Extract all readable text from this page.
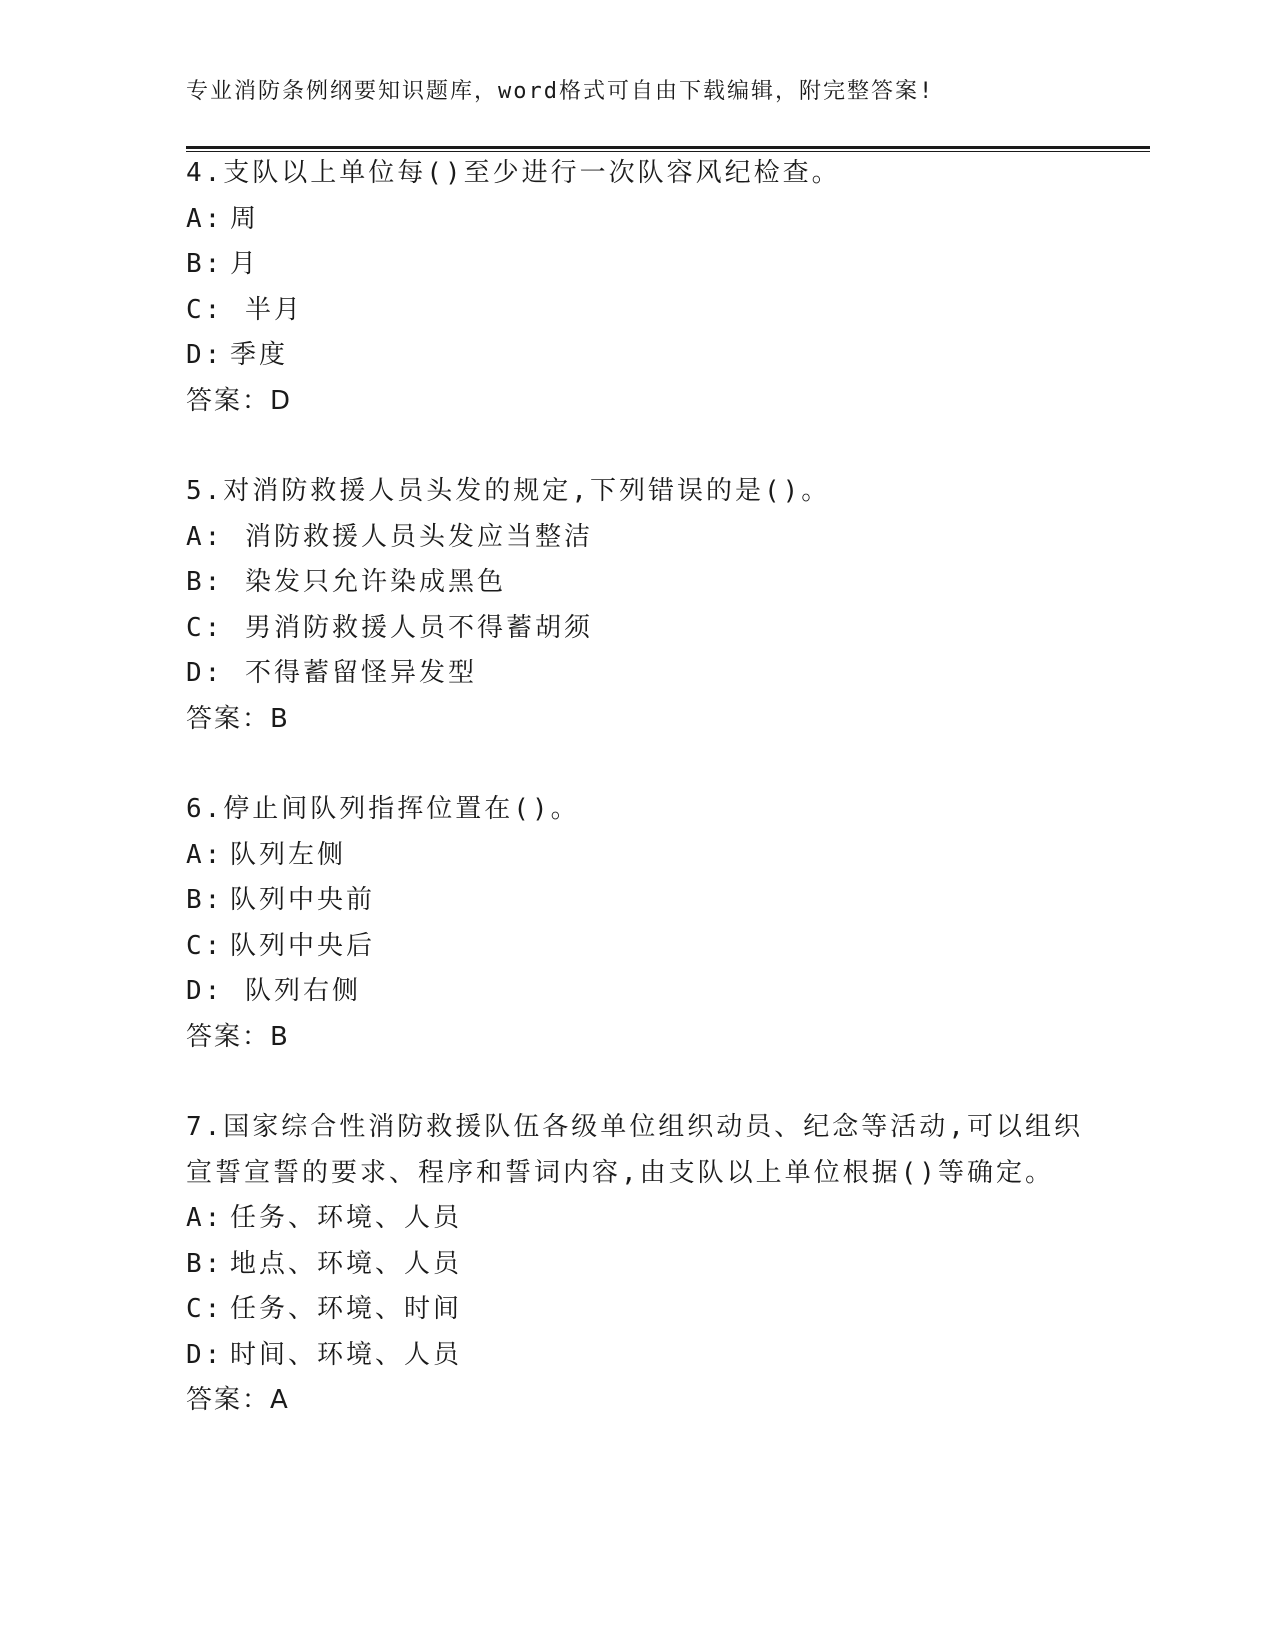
专业消防条例纲要知识题库，word格式可自由下载编辑，附完整答案!
4.支队以上单位每()至少进行一次队容风纪检查。
A: 周
B: 月
C: 半月
D: 季度
答案：D
5.对消防救援人员头发的规定,下列错误的是()。
A: 消防救援人员头发应当整洁
B: 染发只允许染成黑色
C: 男消防救援人员不得蓄胡须
D: 不得蓄留怪异发型
答案：B
6.停止间队列指挥位置在()。
A: 队列左侧
B: 队列中央前
C: 队列中央后
D: 队列右侧
答案：B
7.国家综合性消防救援队伍各级单位组织动员、纪念等活动,可以组织
宣誓宣誓的要求、程序和誓词内容,由支队以上单位根据()等确定。
A: 任务、环境、人员
B: 地点、环境、人员
C: 任务、环境、时间
D: 时间、环境、人员
答案：A
